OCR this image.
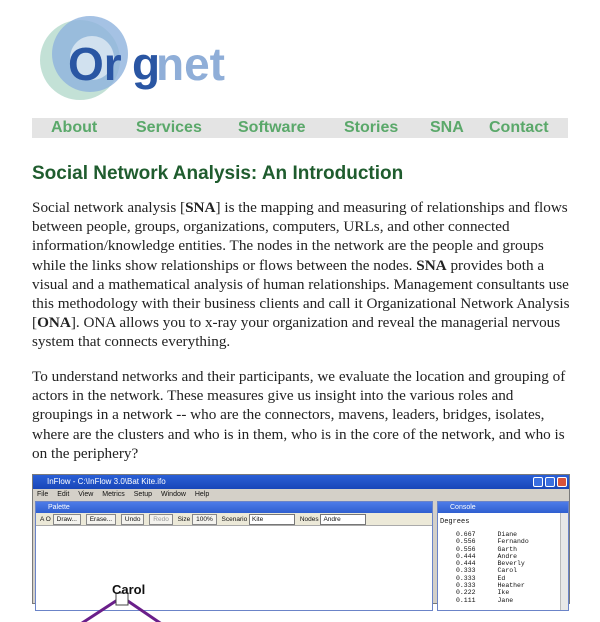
Or g
net
About Services Software Stories SNA Contact
Social Network Analysis: An Introduction

Social network analysis [SNA] is the mapping and measuring of relationships and flows between people, groups, organizations, computers, URLs, and other connected information/knowledge entities. The nodes in the network are the people and groups while the links show relationships or flows between the nodes. SNA provides both a visual and a mathematical analysis of human relationships. Management consultants use this methodology with their business clients and call it Organizational Network Analysis [ONA]. ONA allows you to x-ray your organization and reveal the managerial nervous system that connects everything.

To understand networks and their participants, we evaluate the location and grouping of actors in the network. These measures give us insight into the various roles and groupings in a network -- who are the connectors, mavens, leaders, bridges, isolates, where are the clusters and who is in them, who is in the core of the network, and who is on the periphery?

InFlow - C:\InFlow 3.0\Bat Kite.ifo
File Edit View Metrics Setup Window Help
Palette
A O Draw... Erase... Undo Redo Size 100% Scenario Kite	Nodes Andre
Carol
Console
Degrees
0.667	Diane
0.556	Fernando
0.556	Garth
0.444	Andre
0.444	Beverly
0.333	Carol
0.333	Ed
0.333	Heather
0.222	Ike
0.111	Jane
